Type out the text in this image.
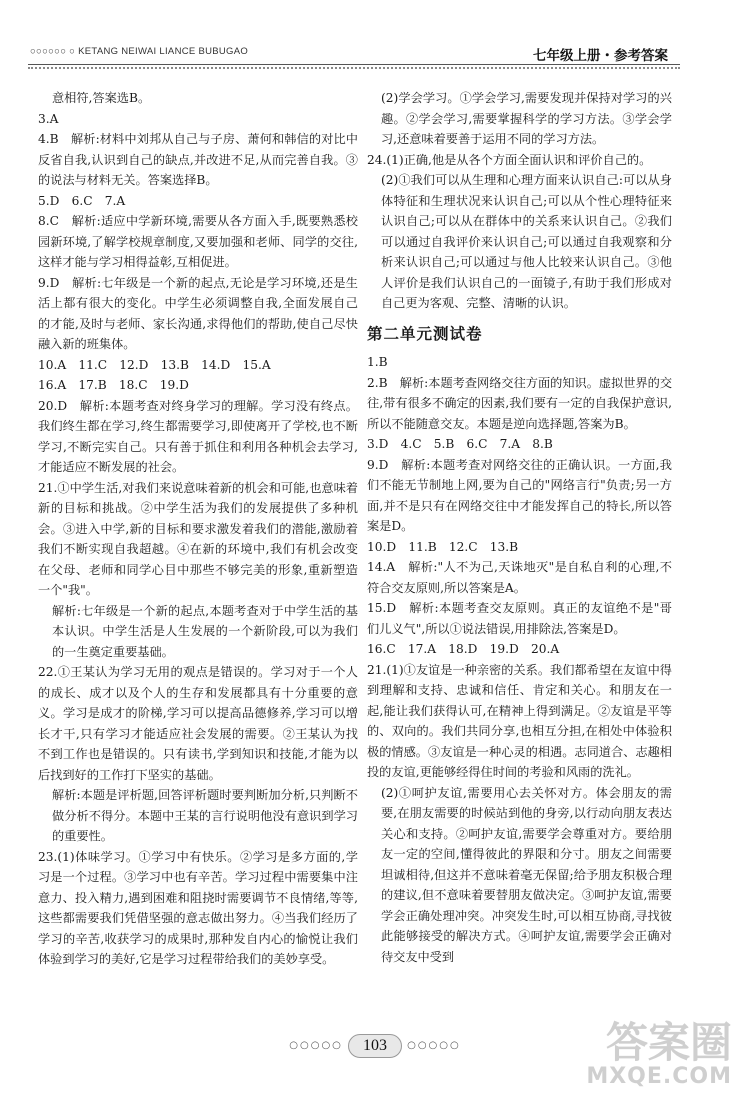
○○○○○○ ○ KETANG NEIWAI LIANCE BUBUGAO	七年级上册・参考答案

意相符,答案选B。

3.A

4.B　解析:材料中刘邦从自己与子房、萧何和韩信的对比中反省自我,认识到自己的缺点,并改进不足,从而完善自我。③的说法与材料无关。答案选择B。

5.D　6.C　7.A

8.C　解析:适应中学新环境,需要从各方面入手,既要熟悉校园新环境,了解学校规章制度,又要加强和老师、同学的交往,这样才能与学习相得益彰,互相促进。

9.D　解析:七年级是一个新的起点,无论是学习环境,还是生活上都有很大的变化。中学生必须调整自我,全面发展自己的才能,及时与老师、家长沟通,求得他们的帮助,使自己尽快融入新的班集体。

10.A　11.C　12.D　13.B　14.D　15.A

16.A　17.B　18.C　19.D

20.D　解析:本题考查对终身学习的理解。学习没有终点。我们终生都在学习,终生都需要学习,即使离开了学校,也不断学习,不断完实自己。只有善于抓住和利用各种机会去学习,才能适应不断发展的社会。

21.①中学生活,对我们来说意味着新的机会和可能,也意味着新的目标和挑战。②中学生活为我们的发展提供了多种机会。③进入中学,新的目标和要求激发着我们的潜能,激励着我们不断实现自我超越。④在新的环境中,我们有机会改变在父母、老师和同学心目中那些不够完美的形象,重新塑造一个"我"。

解析:七年级是一个新的起点,本题考查对于中学生活的基本认识。中学生活是人生发展的一个新阶段,可以为我们的一生奠定重要基础。

22.①王某认为学习无用的观点是错误的。学习对于一个人的成长、成才以及个人的生存和发展都具有十分重要的意义。学习是成才的阶梯,学习可以提高品德修养,学习可以增长才干,只有学习才能适应社会发展的需要。②王某认为找不到工作也是错误的。只有读书,学到知识和技能,才能为以后找到好的工作打下坚实的基础。

解析:本题是评析题,回答评析题时要判断加分析,只判断不做分析不得分。本题中王某的言行说明他没有意识到学习的重要性。

23.(1)体味学习。①学习中有快乐。②学习是多方面的,学习是一个过程。③学习中也有辛苦。学习过程中需要集中注意力、投入精力,遇到困难和阻挠时需要调节不良情绪,等等,这些都需要我们凭借坚强的意志做出努力。④当我们经历了学习的辛苦,收获学习的成果时,那种发自内心的愉悦让我们体验到学习的美好,它是学习过程带给我们的美妙享受。

(2)学会学习。①学会学习,需要发现并保持对学习的兴趣。②学会学习,需要掌握科学的学习方法。③学会学习,还意味着要善于运用不同的学习方法。

24.(1)正确,他是从各个方面全面认识和评价自己的。

(2)①我们可以从生理和心理方面来认识自己:可以从身体特征和生理状况来认识自己;可以从个性心理特征来认识自己;可以从在群体中的关系来认识自己。②我们可以通过自我评价来认识自己;可以通过自我观察和分析来认识自己;可以通过与他人比较来认识自己。③他人评价是我们认识自己的一面镜子,有助于我们形成对自己更为客观、完整、清晰的认识。

第二单元测试卷

1.B

2.B　解析:本题考查网络交往方面的知识。虚拟世界的交往,带有很多不确定的因素,我们要有一定的自我保护意识,所以不能随意交友。本题是逆向选择题,答案为B。

3.D　4.C　5.B　6.C　7.A　8.B

9.D　解析:本题考查对网络交往的正确认识。一方面,我们不能无节制地上网,要为自己的"网络言行"负责;另一方面,并不是只有在网络交往中才能发挥自己的特长,所以答案是D。

10.D　11.B　12.C　13.B

14.A　解析:"人不为己,天诛地灭"是自私自利的心理,不符合交友原则,所以答案是A。

15.D　解析:本题考查交友原则。真正的友谊绝不是"哥们儿义气",所以①说法错误,用排除法,答案是D。

16.C　17.A　18.D　19.D　20.A

21.(1)①友谊是一种亲密的关系。我们都希望在友谊中得到理解和支持、忠诚和信任、肯定和关心。和朋友在一起,能让我们获得认可,在精神上得到满足。②友谊是平等的、双向的。我们共同分享,也相互分担,在相处中体验积极的情感。③友谊是一种心灵的相遇。志同道合、志趣相投的友谊,更能够经得住时间的考验和风雨的洗礼。

(2)①呵护友谊,需要用心去关怀对方。体会朋友的需要,在朋友需要的时候站到他的身旁,以行动向朋友表达关心和支持。②呵护友谊,需要学会尊重对方。要给朋友一定的空间,懂得彼此的界限和分寸。朋友之间需要坦诚相待,但这并不意味着毫无保留;给予朋友积极合理的建议,但不意味着要替朋友做决定。③呵护友谊,需要学会正确处理冲突。冲突发生时,可以相互协商,寻找彼此能够接受的解决方式。④呵护友谊,需要学会正确对待交友中受到

○○○○○ 103 ○○○○○	答案圈
MXQE.COM
